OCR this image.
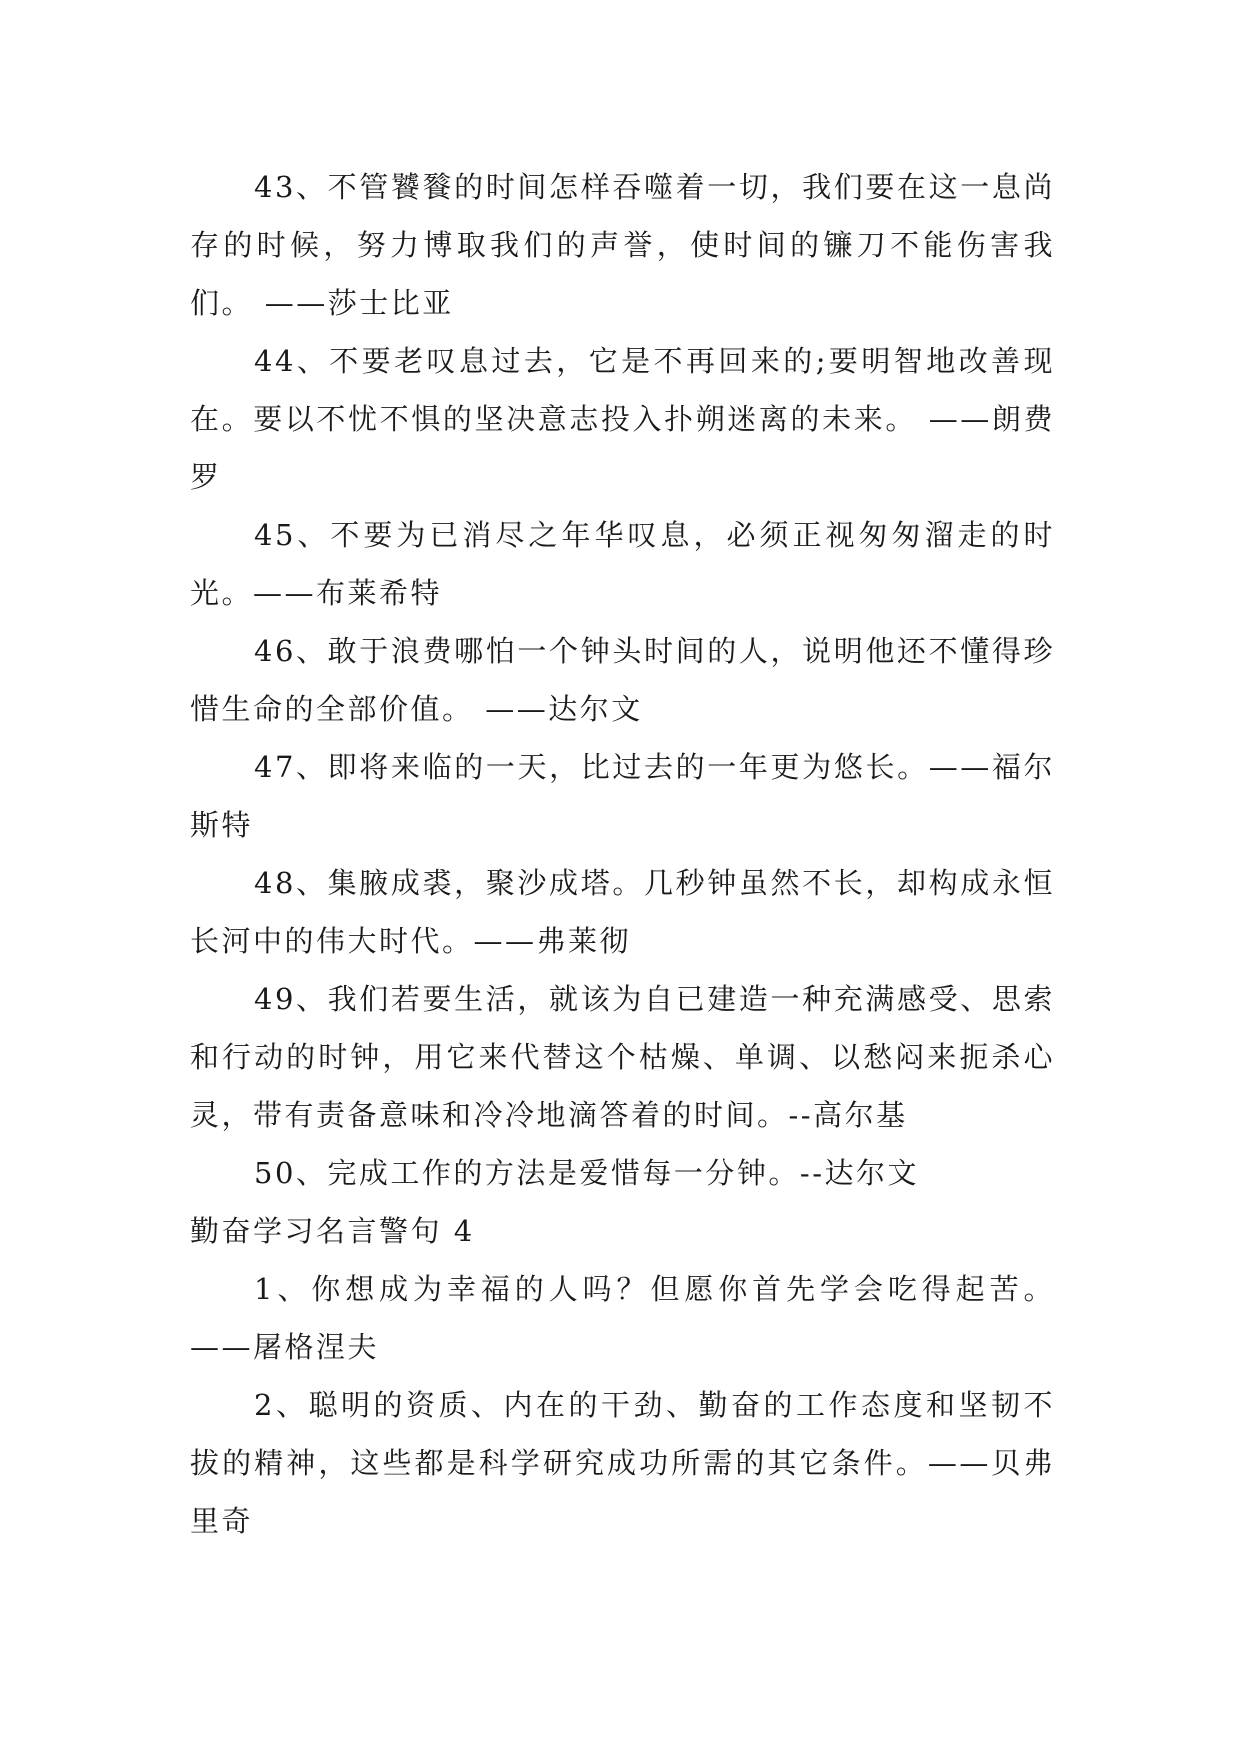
43、不管饕餮的时间怎样吞噬着一切，我们要在这一息尚存的时候，努力博取我们的声誉，使时间的镰刀不能伤害我们。 ——莎士比亚

44、不要老叹息过去，它是不再回来的;要明智地改善现在。要以不忧不惧的坚决意志投入扑朔迷离的未来。 ——朗费罗

45、不要为已消尽之年华叹息，必须正视匆匆溜走的时光。——布莱希特

46、敢于浪费哪怕一个钟头时间的人，说明他还不懂得珍惜生命的全部价值。 ——达尔文

47、即将来临的一天，比过去的一年更为悠长。——福尔斯特

48、集腋成裘，聚沙成塔。几秒钟虽然不长，却构成永恒长河中的伟大时代。——弗莱彻

49、我们若要生活，就该为自已建造一种充满感受、思索和行动的时钟，用它来代替这个枯燥、单调、以愁闷来扼杀心灵，带有责备意味和冷冷地滴答着的时间。--高尔基

50、完成工作的方法是爱惜每一分钟。--达尔文

勤奋学习名言警句 4

1、你想成为幸福的人吗？但愿你首先学会吃得起苦。——屠格涅夫

2、聪明的资质、内在的干劲、勤奋的工作态度和坚韧不拔的精神，这些都是科学研究成功所需的其它条件。——贝弗里奇
